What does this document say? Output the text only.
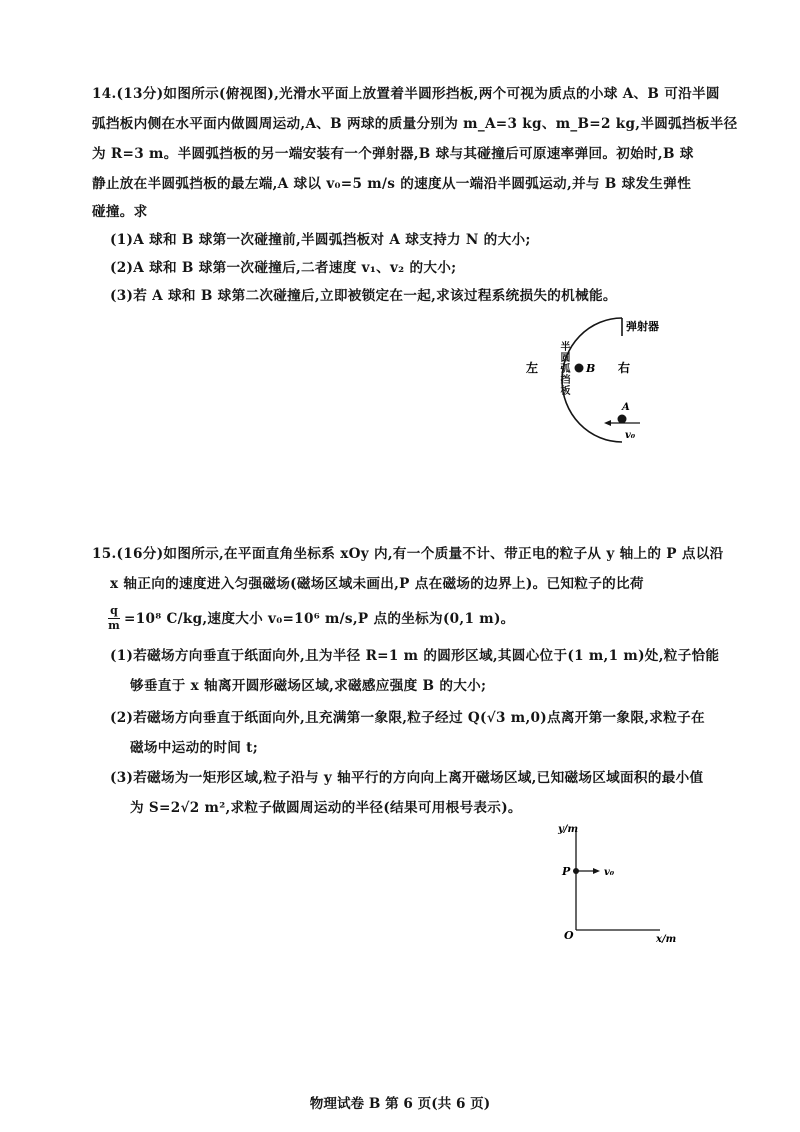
14.(13分)如图所示(俯视图),光滑水平面上放置着半圆形挡板,两个可视为质点的小球 A、B 可沿半圆
弧挡板内侧在水平面内做圆周运动,A、B 两球的质量分别为 m_A=3 kg、m_B=2 kg,半圆弧挡板半径
为 R=3 m。半圆弧挡板的另一端安装有一个弹射器,B 球与其碰撞后可原速率弹回。初始时,B 球
静止放在半圆弧挡板的最左端,A 球以 v₀=5 m/s 的速度从一端沿半圆弧运动,并与 B 球发生弹性
碰撞。求
(1)A 球和 B 球第一次碰撞前,半圆弧挡板对 A 球支持力 N 的大小;
(2)A 球和 B 球第一次碰撞后,二者速度 v₁、v₂ 的大小;
(3)若 A 球和 B 球第二次碰撞后,立即被锁定在一起,求该过程系统损失的机械能。
弹射器
左	右
B
A
v₀
半
圆
弧
挡
板
15.(16分)如图所示,在平面直角坐标系 xOy 内,有一个质量不计、带正电的粒子从 y 轴上的 P 点以沿
x 轴正向的速度进入匀强磁场(磁场区域未画出,P 点在磁场的边界上)。已知粒子的比荷
q
m =10⁸ C/kg,速度大小 v₀=10⁶ m/s,P 点的坐标为(0,1 m)。
(1)若磁场方向垂直于纸面向外,且为半径 R=1 m 的圆形区域,其圆心位于(1 m,1 m)处,粒子恰能
够垂直于 x 轴离开圆形磁场区域,求磁感应强度 B 的大小;
(2)若磁场方向垂直于纸面向外,且充满第一象限,粒子经过 Q(√3 m,0)点离开第一象限,求粒子在
磁场中运动的时间 t;
(3)若磁场为一矩形区域,粒子沿与 y 轴平行的方向向上离开磁场区域,已知磁场区域面积的最小值
为 S=2√2 m²,求粒子做圆周运动的半径(结果可用根号表示)。
y/m
x/m
P
O
v₀
物理试卷 B 第 6 页(共 6 页)
